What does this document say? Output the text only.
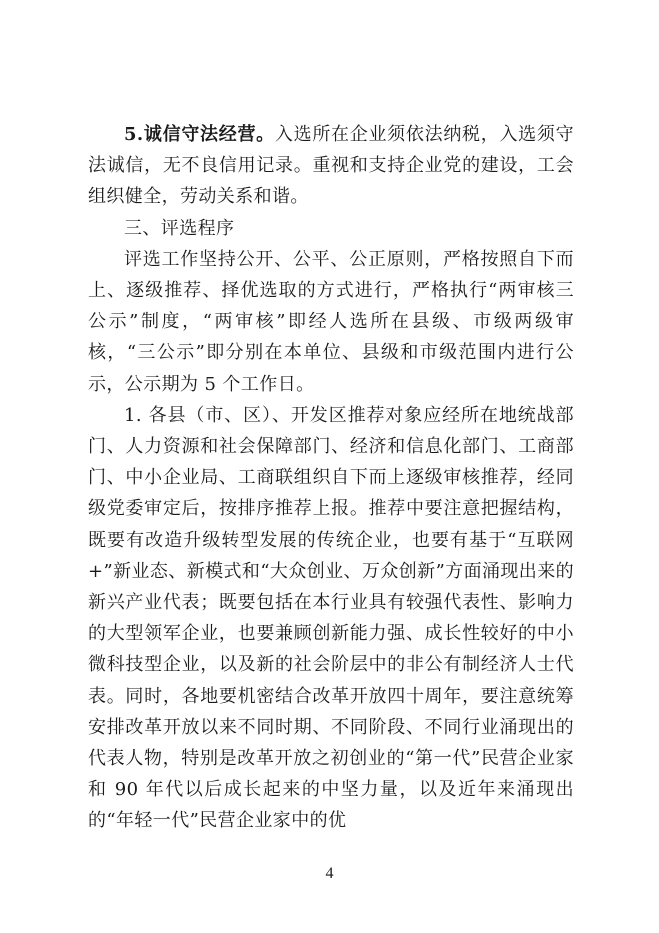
5.诚信守法经营。入选所在企业须依法纳税，入选须守法诚信，无不良信用记录。重视和支持企业党的建设，工会组织健全，劳动关系和谐。

三、评选程序

评选工作坚持公开、公平、公正原则，严格按照自下而上、逐级推荐、择优选取的方式进行，严格执行“两审核三公示”制度，“两审核”即经人选所在县级、市级两级审核，“三公示”即分别在本单位、县级和市级范围内进行公示，公示期为 5 个工作日。

1. 各县（市、区）、开发区推荐对象应经所在地统战部门、人力资源和社会保障部门、经济和信息化部门、工商部门、中小企业局、工商联组织自下而上逐级审核推荐，经同级党委审定后，按排序推荐上报。推荐中要注意把握结构，既要有改造升级转型发展的传统企业，也要有基于“互联网+”新业态、新模式和“大众创业、万众创新”方面涌现出来的新兴产业代表；既要包括在本行业具有较强代表性、影响力的大型领军企业，也要兼顾创新能力强、成长性较好的中小微科技型企业，以及新的社会阶层中的非公有制经济人士代表。同时，各地要机密结合改革开放四十周年，要注意统筹安排改革开放以来不同时期、不同阶段、不同行业涌现出的代表人物，特别是改革开放之初创业的“第一代”民营企业家和 90 年代以后成长起来的中坚力量，以及近年来涌现出的“年轻一代”民营企业家中的优

4
